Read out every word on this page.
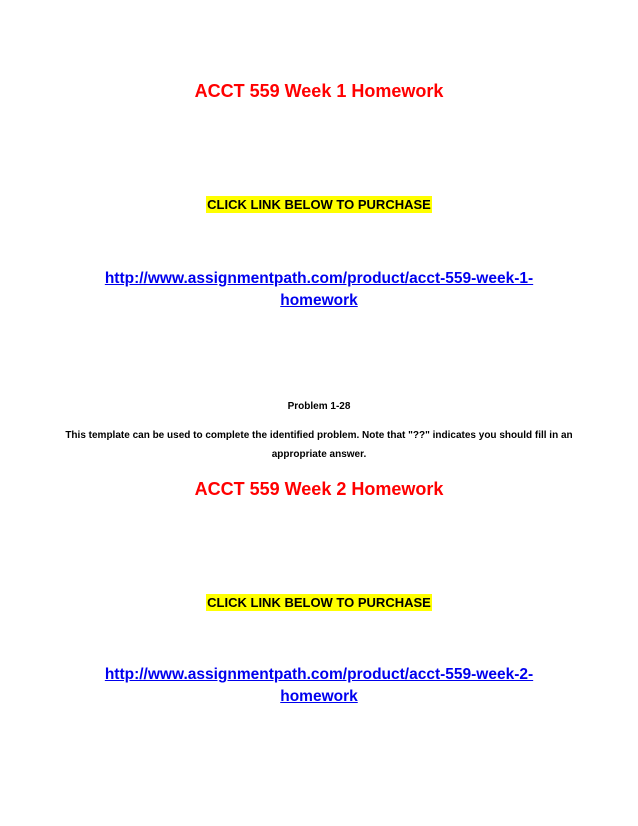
ACCT 559 Week 1 Homework
CLICK LINK BELOW TO PURCHASE
http://www.assignmentpath.com/product/acct-559-week-1-
homework
Problem 1-28
This template can be used to complete the identified problem. Note that "??" indicates you should fill in an appropriate answer.
ACCT 559 Week 2 Homework
CLICK LINK BELOW TO PURCHASE
http://www.assignmentpath.com/product/acct-559-week-2-
homework
